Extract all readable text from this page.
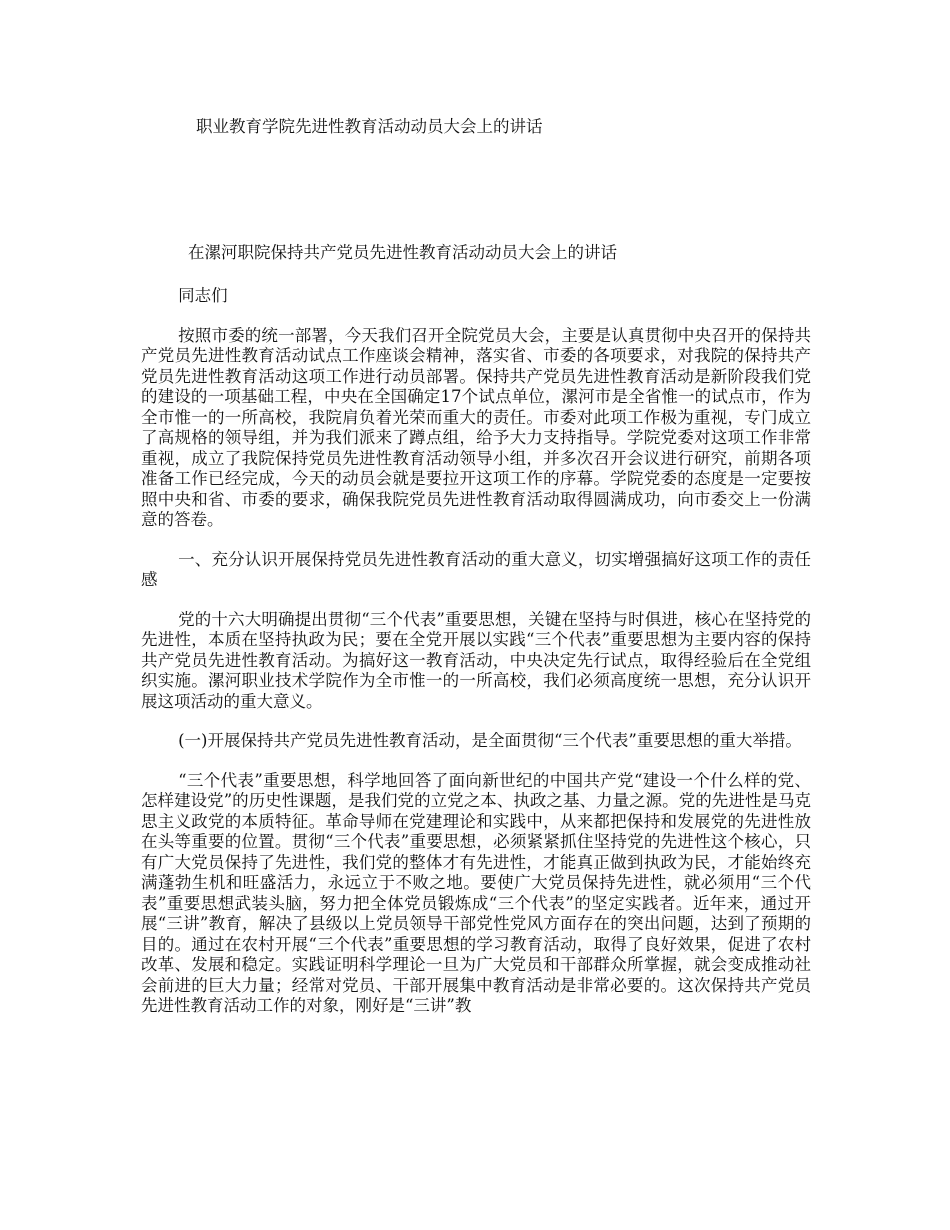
职业教育学院先进性教育活动动员大会上的讲话
在漯河职院保持共产党员先进性教育活动动员大会上的讲话

同志们

按照市委的统一部署，今天我们召开全院党员大会，主要是认真贯彻中央召开的保持共产党员先进性教育活动试点工作座谈会精神，落实省、市委的各项要求，对我院的保持共产党员先进性教育活动这项工作进行动员部署。保持共产党员先进性教育活动是新阶段我们党的建设的一项基础工程，中央在全国确定17个试点单位，漯河市是全省惟一的试点市，作为全市惟一的一所高校，我院肩负着光荣而重大的责任。市委对此项工作极为重视，专门成立了高规格的领导组，并为我们派来了蹲点组，给予大力支持指导。学院党委对这项工作非常重视，成立了我院保持党员先进性教育活动领导小组，并多次召开会议进行研究，前期各项准备工作已经完成，今天的动员会就是要拉开这项工作的序幕。学院党委的态度是一定要按照中央和省、市委的要求，确保我院党员先进性教育活动取得圆满成功，向市委交上一份满意的答卷。

一、充分认识开展保持党员先进性教育活动的重大意义，切实增强搞好这项工作的责任感

党的十六大明确提出贯彻“三个代表”重要思想，关键在坚持与时俱进，核心在坚持党的先进性，本质在坚持执政为民；要在全党开展以实践“三个代表”重要思想为主要内容的保持共产党员先进性教育活动。为搞好这一教育活动，中央决定先行试点，取得经验后在全党组织实施。漯河职业技术学院作为全市惟一的一所高校，我们必须高度统一思想，充分认识开展这项活动的重大意义。

(一)开展保持共产党员先进性教育活动，是全面贯彻“三个代表”重要思想的重大举措。

“三个代表”重要思想，科学地回答了面向新世纪的中国共产党“建设一个什么样的党、怎样建设党”的历史性课题，是我们党的立党之本、执政之基、力量之源。党的先进性是马克思主义政党的本质特征。革命导师在党建理论和实践中，从来都把保持和发展党的先进性放在头等重要的位置。贯彻“三个代表”重要思想，必须紧紧抓住坚持党的先进性这个核心，只有广大党员保持了先进性，我们党的整体才有先进性，才能真正做到执政为民，才能始终充满蓬勃生机和旺盛活力，永远立于不败之地。要使广大党员保持先进性，就必须用“三个代表”重要思想武装头脑，努力把全体党员锻炼成“三个代表”的坚定实践者。近年来，通过开展“三讲”教育，解决了县级以上党员领导干部党性党风方面存在的突出问题，达到了预期的目的。通过在农村开展“三个代表”重要思想的学习教育活动，取得了良好效果，促进了农村改革、发展和稳定。实践证明科学理论一旦为广大党员和干部群众所掌握，就会变成推动社会前进的巨大力量；经常对党员、干部开展集中教育活动是非常必要的。这次保持共产党员先进性教育活动工作的对象，刚好是“三讲”教
